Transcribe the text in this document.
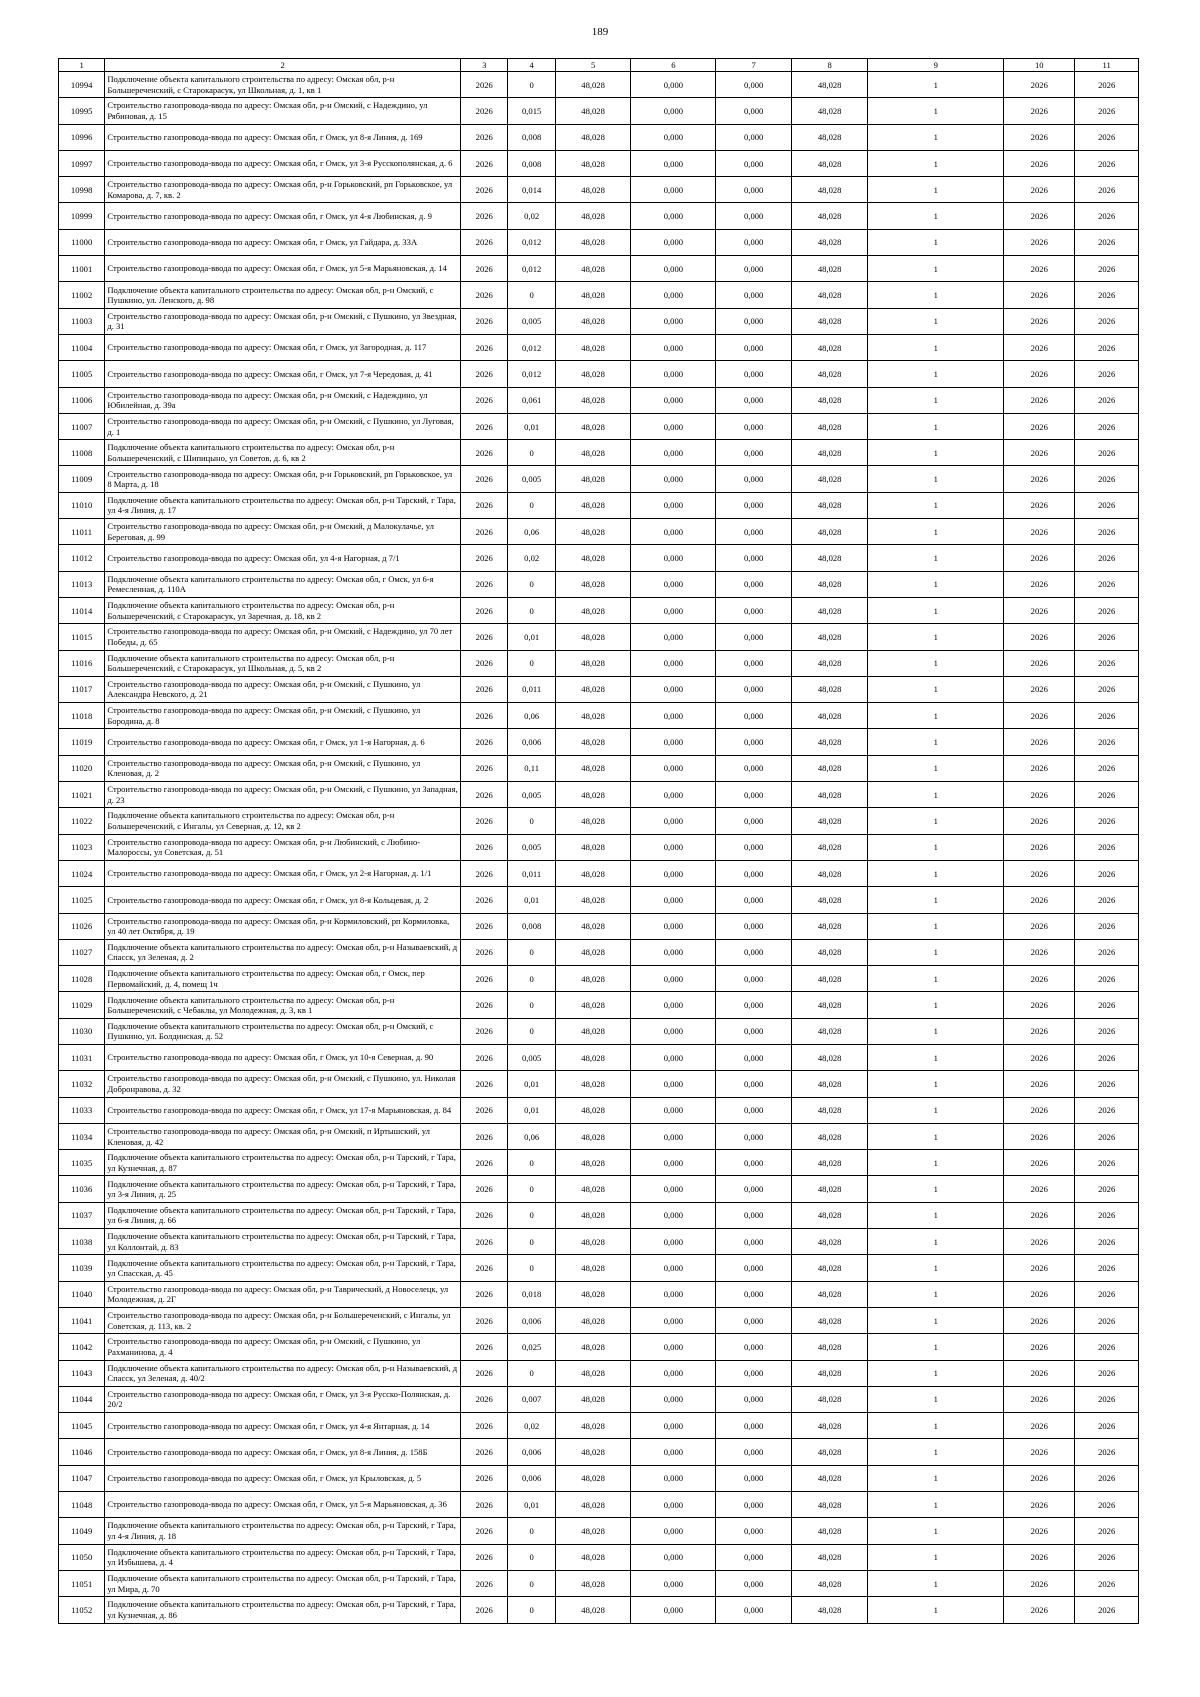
189
1	2	3	4	5	6	7	8	9	10	11
10994	Подключение объекта капитального строительства по адресу: Омская обл, р-н Большереченский, с Старокарасук, ул Школьная, д. 1, кв 1	2026	0	48,028	0,000	0,000	48,028	1	2026	2026
10995	Строительство газопровода-ввода по адресу: Омская обл, р-н Омский, с Надеждино, ул Рябиновая, д. 15	2026	0,015	48,028	0,000	0,000	48,028	1	2026	2026
10996	Строительство газопровода-ввода по адресу: Омская обл, г Омск, ул 8-я Линия, д. 169	2026	0,008	48,028	0,000	0,000	48,028	1	2026	2026
10997	Строительство газопровода-ввода по адресу: Омская обл, г Омск, ул 3-я Русскополянская, д. 6	2026	0,008	48,028	0,000	0,000	48,028	1	2026	2026
10998	Строительство газопровода-ввода по адресу: Омская обл, р-н Горьковский, рп Горьковское, ул Комарова, д. 7, кв. 2	2026	0,014	48,028	0,000	0,000	48,028	1	2026	2026
10999	Строительство газопровода-ввода по адресу: Омская обл, г Омск, ул 4-я Любинская, д. 9	2026	0,02	48,028	0,000	0,000	48,028	1	2026	2026
11000	Строительство газопровода-ввода по адресу: Омская обл, г Омск, ул Гайдара, д. 33А	2026	0,012	48,028	0,000	0,000	48,028	1	2026	2026
11001	Строительство газопровода-ввода по адресу: Омская обл, г Омск, ул 5-я Марьяновская, д. 14	2026	0,012	48,028	0,000	0,000	48,028	1	2026	2026
11002	Подключение объекта капитального строительства по адресу: Омская обл, р-н Омский, с Пушкино, ул. Ленского, д. 98	2026	0	48,028	0,000	0,000	48,028	1	2026	2026
11003	Строительство газопровода-ввода по адресу: Омская обл, р-н Омский, с Пушкино, ул Звездная, д. 31	2026	0,005	48,028	0,000	0,000	48,028	1	2026	2026
11004	Строительство газопровода-ввода по адресу: Омская обл, г Омск, ул Загородная, д. 117	2026	0,012	48,028	0,000	0,000	48,028	1	2026	2026
11005	Строительство газопровода-ввода по адресу: Омская обл, г Омск, ул 7-я Чередовая, д. 41	2026	0,012	48,028	0,000	0,000	48,028	1	2026	2026
11006	Строительство газопровода-ввода по адресу: Омская обл, р-н Омский, с Надеждино, ул Юбилейная, д. 39а	2026	0,061	48,028	0,000	0,000	48,028	1	2026	2026
11007	Строительство газопровода-ввода по адресу: Омская обл, р-н Омский, с Пушкино, ул Луговая, д. 1	2026	0,01	48,028	0,000	0,000	48,028	1	2026	2026
11008	Подключение объекта капитального строительства по адресу: Омская обл, р-н Большереченский, с Шипицыно, ул Советов, д. 6, кв 2	2026	0	48,028	0,000	0,000	48,028	1	2026	2026
11009	Строительство газопровода-ввода по адресу: Омская обл, р-н Горьковский, рп Горьковское, ул 8 Марта, д. 18	2026	0,005	48,028	0,000	0,000	48,028	1	2026	2026
11010	Подключение объекта капитального строительства по адресу: Омская обл, р-н Тарский, г Тара, ул 4-я Линия, д. 17	2026	0	48,028	0,000	0,000	48,028	1	2026	2026
11011	Строительство газопровода-ввода по адресу: Омская обл, р-н Омский, д Малокулачье, ул Береговая, д. 99	2026	0,06	48,028	0,000	0,000	48,028	1	2026	2026
11012	Строительство газопровода-ввода по адресу: Омская обл, ул 4-я Нагорная, д 7/1	2026	0,02	48,028	0,000	0,000	48,028	1	2026	2026
11013	Подключение объекта капитального строительства по адресу: Омская обл, г Омск, ул 6-я Ремесленная, д. 110А	2026	0	48,028	0,000	0,000	48,028	1	2026	2026
11014	Подключение объекта капитального строительства по адресу: Омская обл, р-н Большереченский, с Старокарасук, ул Заречная, д. 18, кв 2	2026	0	48,028	0,000	0,000	48,028	1	2026	2026
11015	Строительство газопровода-ввода по адресу: Омская обл, р-н Омский, с Надеждино, ул 70 лет Победы, д. 65	2026	0,01	48,028	0,000	0,000	48,028	1	2026	2026
11016	Подключение объекта капитального строительства по адресу: Омская обл, р-н Большереченский, с Старокарасук, ул Школьная, д. 5, кв 2	2026	0	48,028	0,000	0,000	48,028	1	2026	2026
11017	Строительство газопровода-ввода по адресу: Омская обл, р-н Омский, с Пушкино, ул Александра Невского, д. 21	2026	0,011	48,028	0,000	0,000	48,028	1	2026	2026
11018	Строительство газопровода-ввода по адресу: Омская обл, р-н Омский, с Пушкино, ул Бородина, д. 8	2026	0,06	48,028	0,000	0,000	48,028	1	2026	2026
11019	Строительство газопровода-ввода по адресу: Омская обл, г Омск, ул 1-я Нагорная, д. 6	2026	0,006	48,028	0,000	0,000	48,028	1	2026	2026
11020	Строительство газопровода-ввода по адресу: Омская обл, р-н Омский, с Пушкино, ул Кленовая, д. 2	2026	0,11	48,028	0,000	0,000	48,028	1	2026	2026
11021	Строительство газопровода-ввода по адресу: Омская обл, р-н Омский, с Пушкино, ул Западная, д. 23	2026	0,005	48,028	0,000	0,000	48,028	1	2026	2026
11022	Подключение объекта капитального строительства по адресу: Омская обл, р-н Большереченский, с Ингалы, ул Северная, д. 12, кв 2	2026	0	48,028	0,000	0,000	48,028	1	2026	2026
11023	Строительство газопровода-ввода по адресу: Омская обл, р-н Любинский, с Любино-Малороссы, ул Советская, д. 51	2026	0,005	48,028	0,000	0,000	48,028	1	2026	2026
11024	Строительство газопровода-ввода по адресу: Омская обл, г Омск, ул 2-я Нагорная, д. 1/1	2026	0,011	48,028	0,000	0,000	48,028	1	2026	2026
11025	Строительство газопровода-ввода по адресу: Омская обл, г Омск, ул 8-я Кольцевая, д. 2	2026	0,01	48,028	0,000	0,000	48,028	1	2026	2026
11026	Строительство газопровода-ввода по адресу: Омская обл, р-н Кормиловский, рп Кормиловка, ул 40 лет Октября, д. 19	2026	0,008	48,028	0,000	0,000	48,028	1	2026	2026
11027	Подключение объекта капитального строительства по адресу: Омская обл, р-н Называевский, д Спасск, ул Зеленая, д. 2	2026	0	48,028	0,000	0,000	48,028	1	2026	2026
11028	Подключение объекта капитального строительства по адресу: Омская обл, г Омск, пер Первомайский, д. 4, помещ 1ч	2026	0	48,028	0,000	0,000	48,028	1	2026	2026
11029	Подключение объекта капитального строительства по адресу: Омская обл, р-н Большереченский, с Чебаклы, ул Молодежная, д. 3, кв 1	2026	0	48,028	0,000	0,000	48,028	1	2026	2026
11030	Подключение объекта капитального строительства по адресу: Омская обл, р-н Омский, с Пушкино, ул. Болдинская, д. 52	2026	0	48,028	0,000	0,000	48,028	1	2026	2026
11031	Строительство газопровода-ввода по адресу: Омская обл, г Омск, ул 10-я Северная, д. 90	2026	0,005	48,028	0,000	0,000	48,028	1	2026	2026
11032	Строительство газопровода-ввода по адресу: Омская обл, р-н Омский, с Пушкино, ул. Николая Добронравова, д. 32	2026	0,01	48,028	0,000	0,000	48,028	1	2026	2026
11033	Строительство газопровода-ввода по адресу: Омская обл, г Омск, ул 17-я Марьяновская, д. 84	2026	0,01	48,028	0,000	0,000	48,028	1	2026	2026
11034	Строительство газопровода-ввода по адресу: Омская обл, р-н Омский, п Иртышский, ул Кленовая, д. 42	2026	0,06	48,028	0,000	0,000	48,028	1	2026	2026
11035	Подключение объекта капитального строительства по адресу: Омская обл, р-н Тарский, г Тара, ул Кузнечная, д. 87	2026	0	48,028	0,000	0,000	48,028	1	2026	2026
11036	Подключение объекта капитального строительства по адресу: Омская обл, р-н Тарский, г Тара, ул 3-я Линия, д. 25	2026	0	48,028	0,000	0,000	48,028	1	2026	2026
11037	Подключение объекта капитального строительства по адресу: Омская обл, р-н Тарский, г Тара, ул 6-я Линия, д. 66	2026	0	48,028	0,000	0,000	48,028	1	2026	2026
11038	Подключение объекта капитального строительства по адресу: Омская обл, р-н Тарский, г Тара, ул Коллонтай, д. 83	2026	0	48,028	0,000	0,000	48,028	1	2026	2026
11039	Подключение объекта капитального строительства по адресу: Омская обл, р-н Тарский, г Тара, ул Спасская, д. 45	2026	0	48,028	0,000	0,000	48,028	1	2026	2026
11040	Строительство газопровода-ввода по адресу: Омская обл, р-н Таврический, д Новоселецк, ул Молодежная, д. 2Г	2026	0,018	48,028	0,000	0,000	48,028	1	2026	2026
11041	Строительство газопровода-ввода по адресу: Омская обл, р-н Большереченский, с Ингалы, ул Советская, д. 113, кв. 2	2026	0,006	48,028	0,000	0,000	48,028	1	2026	2026
11042	Строительство газопровода-ввода по адресу: Омская обл, р-н Омский, с Пушкино, ул Рахманинова, д. 4	2026	0,025	48,028	0,000	0,000	48,028	1	2026	2026
11043	Подключение объекта капитального строительства по адресу: Омская обл, р-н Называевский, д Спасск, ул Зеленая, д. 40/2	2026	0	48,028	0,000	0,000	48,028	1	2026	2026
11044	Строительство газопровода-ввода по адресу: Омская обл, г Омск, ул 3-я Русско-Полянская, д. 20/2	2026	0,007	48,028	0,000	0,000	48,028	1	2026	2026
11045	Строительство газопровода-ввода по адресу: Омская обл, г Омск, ул 4-я Янтарная, д. 14	2026	0,02	48,028	0,000	0,000	48,028	1	2026	2026
11046	Строительство газопровода-ввода по адресу: Омская обл, г Омск, ул 8-я Линия, д. 158Б	2026	0,006	48,028	0,000	0,000	48,028	1	2026	2026
11047	Строительство газопровода-ввода по адресу: Омская обл, г Омск, ул Крыловская, д. 5	2026	0,006	48,028	0,000	0,000	48,028	1	2026	2026
11048	Строительство газопровода-ввода по адресу: Омская обл, г Омск, ул 5-я Марьяновская, д. 36	2026	0,01	48,028	0,000	0,000	48,028	1	2026	2026
11049	Подключение объекта капитального строительства по адресу: Омская обл, р-н Тарский, г Тара, ул 4-я Линия, д. 18	2026	0	48,028	0,000	0,000	48,028	1	2026	2026
11050	Подключение объекта капитального строительства по адресу: Омская обл, р-н Тарский, г Тара, ул Избышева, д. 4	2026	0	48,028	0,000	0,000	48,028	1	2026	2026
11051	Подключение объекта капитального строительства по адресу: Омская обл, р-н Тарский, г Тара, ул Мира, д. 70	2026	0	48,028	0,000	0,000	48,028	1	2026	2026
11052	Подключение объекта капитального строительства по адресу: Омская обл, р-н Тарский, г Тара, ул Кузнечная, д. 86	2026	0	48,028	0,000	0,000	48,028	1	2026	2026
